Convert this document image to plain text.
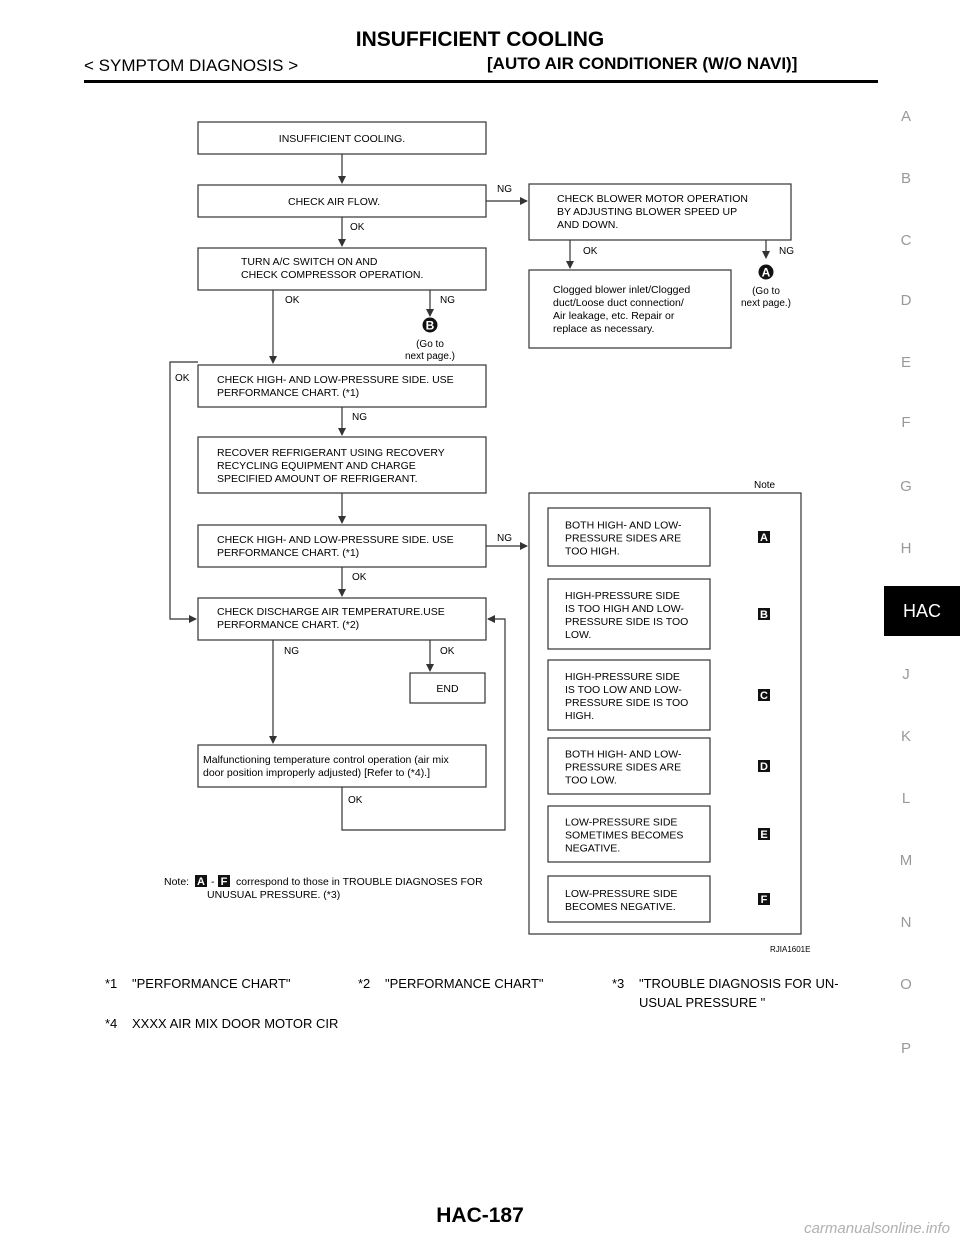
INSUFFICIENT COOLING
< SYMPTOM DIAGNOSIS >	[AUTO AIR CONDITIONER (W/O NAVI)]
A
B
C
D
E
F
G
H
J
K
L
M
N
O
P
HAC
INSUFFICIENT COOLING.
CHECK AIR FLOW.	CHECK BLOWER MOTOR OPERATION
BY ADJUSTING BLOWER SPEED UP
AND DOWN.
TURN A/C SWITCH ON AND
CHECK COMPRESSOR OPERATION.
Clogged blower inlet/Clogged
duct/Loose duct connection/
Air leakage, etc. Repair or
replace as necessary.
CHECK HIGH- AND LOW-PRESSURE SIDE. USE
PERFORMANCE CHART. (*1)
RECOVER REFRIGERANT USING RECOVERY
RECYCLING EQUIPMENT AND CHARGE
SPECIFIED AMOUNT OF REFRIGERANT.
CHECK HIGH- AND LOW-PRESSURE SIDE. USE
PERFORMANCE CHART. (*1)
CHECK DISCHARGE AIR TEMPERATURE.USE
PERFORMANCE CHART. (*2)
END
Malfunctioning temperature control operation (air mix
door position improperly adjusted) [Refer to (*4).]
BOTH HIGH- AND LOW-
PRESSURE SIDES ARE
TOO HIGH.
HIGH-PRESSURE SIDE
IS TOO HIGH AND LOW-
PRESSURE SIDE IS TOO
LOW.
HIGH-PRESSURE SIDE
IS TOO LOW AND LOW-
PRESSURE SIDE IS TOO
HIGH.
BOTH HIGH- AND LOW-
PRESSURE SIDES ARE
TOO LOW.
LOW-PRESSURE SIDE
SOMETIMES BECOMES
NEGATIVE.
LOW-PRESSURE SIDE
BECOMES NEGATIVE.
Note
NG
OK
OK	NG
(Go to
next page.)
OK	NG
(Go to
next page.)
NG
OK
NG
OK
NG	OK
OK
Note: - correspond to those in TROUBLE DIAGNOSES FOR
UNUSUAL PRESSURE. (*3)
A
B
C
D
E
F
A
B
A F
RJIA1601E
*1 "PERFORMANCE CHART"	*2 "PERFORMANCE CHART"	*3 "TROUBLE DIAGNOSIS FOR UN-
USUAL PRESSURE "
*4 XXXX AIR MIX DOOR MOTOR CIR
HAC-187
carmanualsonline.info
